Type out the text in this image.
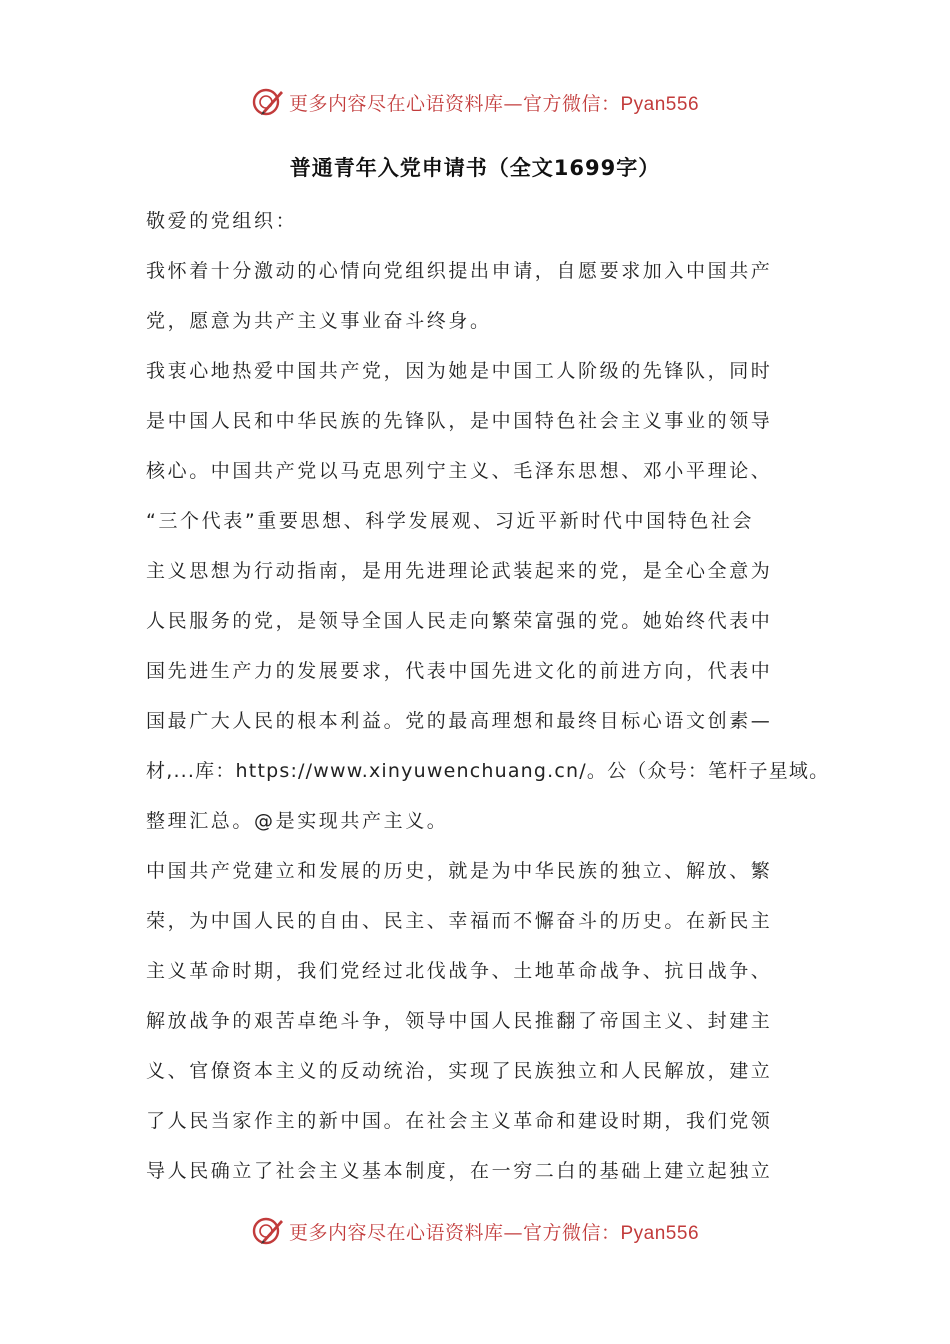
更多内容尽在心语资料库—官方微信：Pyan556
普通青年入党申请书（全文1699字）
敬爱的党组织：
我怀着十分激动的心情向党组织提出申请，自愿要求加入中国共产
党，愿意为共产主义事业奋斗终身。
我衷心地热爱中国共产党，因为她是中国工人阶级的先锋队，同时
是中国人民和中华民族的先锋队，是中国特色社会主义事业的领导
核心。中国共产党以马克思列宁主义、毛泽东思想、邓小平理论、
“三个代表”重要思想、科学发展观、习近平新时代中国特色社会
主义思想为行动指南，是用先进理论武装起来的党，是全心全意为
人民服务的党，是领导全国人民走向繁荣富强的党。她始终代表中
国先进生产力的发展要求，代表中国先进文化的前进方向，代表中
国最广大人民的根本利益。党的最高理想和最终目标心语文创素—
材,...库：https://www.xinyuwenchuang.cn/。公（众号：笔杆子星域。
整理汇总。@是实现共产主义。
中国共产党建立和发展的历史，就是为中华民族的独立、解放、繁
荣，为中国人民的自由、民主、幸福而不懈奋斗的历史。在新民主
主义革命时期，我们党经过北伐战争、土地革命战争、抗日战争、
解放战争的艰苦卓绝斗争，领导中国人民推翻了帝国主义、封建主
义、官僚资本主义的反动统治，实现了民族独立和人民解放，建立
了人民当家作主的新中国。在社会主义革命和建设时期，我们党领
导人民确立了社会主义基本制度，在一穷二白的基础上建立起独立
更多内容尽在心语资料库—官方微信：Pyan556
